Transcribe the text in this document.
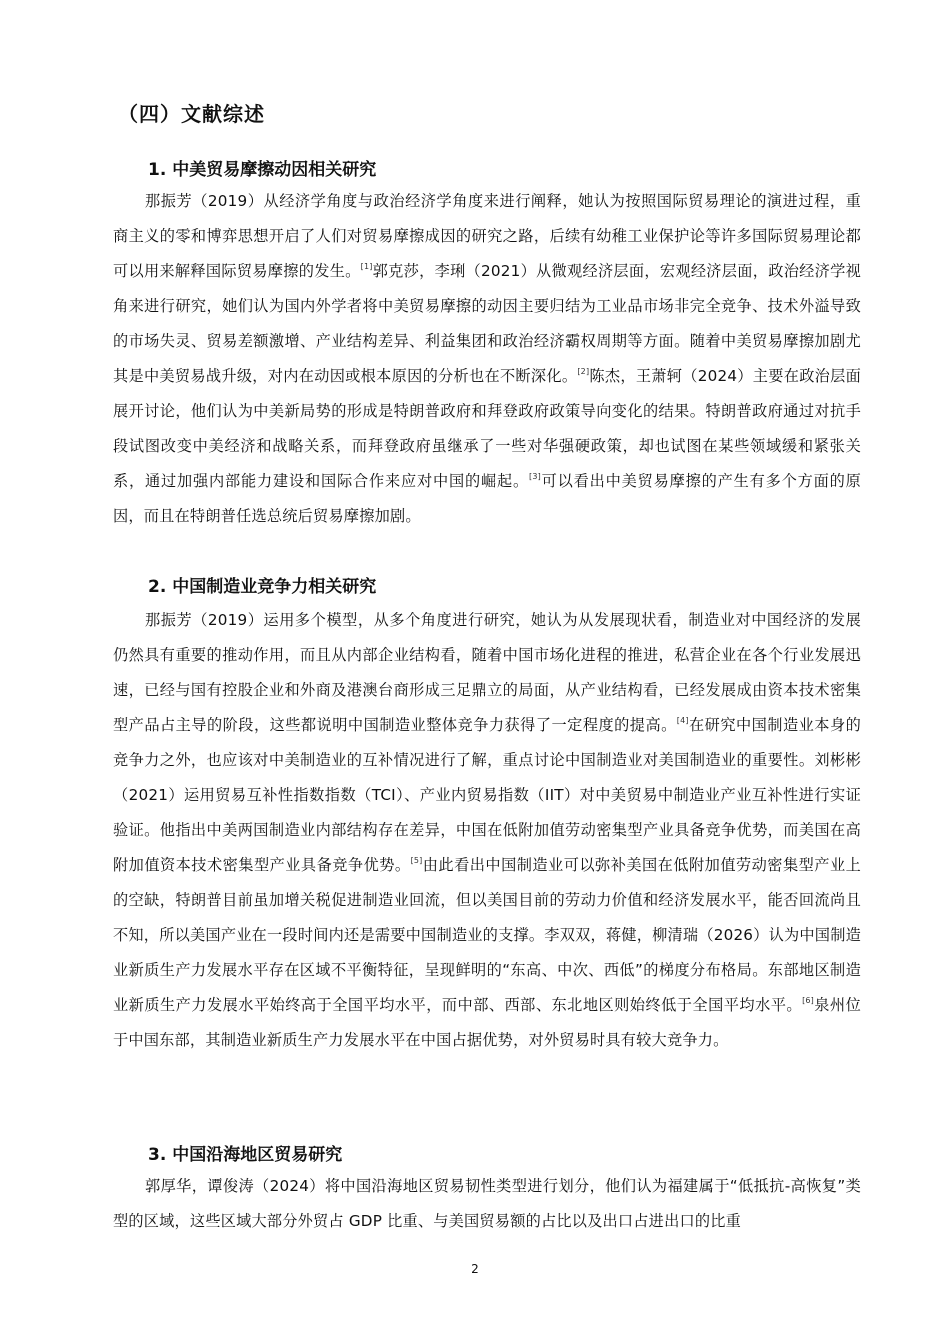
（四）文献综述
1. 中美贸易摩擦动因相关研究
那振芳（2019）从经济学角度与政治经济学角度来进行阐释，她认为按照国际贸易理论的演进过程，重商主义的零和博弈思想开启了人们对贸易摩擦成因的研究之路，后续有幼稚工业保护论等许多国际贸易理论都可以用来解释国际贸易摩擦的发生。[1]郭克莎，李琍（2021）从微观经济层面，宏观经济层面，政治经济学视角来进行研究，她们认为国内外学者将中美贸易摩擦的动因主要归结为工业品市场非完全竞争、技术外溢导致的市场失灵、贸易差额激增、产业结构差异、利益集团和政治经济霸权周期等方面。随着中美贸易摩擦加剧尤其是中美贸易战升级，对内在动因或根本原因的分析也在不断深化。[2]陈杰，王萧轲（2024）主要在政治层面展开讨论，他们认为中美新局势的形成是特朗普政府和拜登政府政策导向变化的结果。特朗普政府通过对抗手段试图改变中美经济和战略关系，而拜登政府虽继承了一些对华强硬政策，却也试图在某些领域缓和紧张关系，通过加强内部能力建设和国际合作来应对中国的崛起。[3]可以看出中美贸易摩擦的产生有多个方面的原因，而且在特朗普任选总统后贸易摩擦加剧。
2. 中国制造业竞争力相关研究
那振芳（2019）运用多个模型，从多个角度进行研究，她认为从发展现状看，制造业对中国经济的发展仍然具有重要的推动作用，而且从内部企业结构看，随着中国市场化进程的推进，私营企业在各个行业发展迅速，已经与国有控股企业和外商及港澳台商形成三足鼎立的局面，从产业结构看，已经发展成由资本技术密集型产品占主导的阶段，这些都说明中国制造业整体竞争力获得了一定程度的提高。[4]在研究中国制造业本身的竞争力之外，也应该对中美制造业的互补情况进行了解，重点讨论中国制造业对美国制造业的重要性。刘彬彬（2021）运用贸易互补性指数指数（TCI）、产业内贸易指数（IIT）对中美贸易中制造业产业互补性进行实证验证。他指出中美两国制造业内部结构存在差异，中国在低附加值劳动密集型产业具备竞争优势，而美国在高附加值资本技术密集型产业具备竞争优势。[5]由此看出中国制造业可以弥补美国在低附加值劳动密集型产业上的空缺，特朗普目前虽加增关税促进制造业回流，但以美国目前的劳动力价值和经济发展水平，能否回流尚且不知，所以美国产业在一段时间内还是需要中国制造业的支撑。李双双，蒋健，柳清瑞（2026）认为中国制造业新质生产力发展水平存在区域不平衡特征，呈现鲜明的“东高、中次、西低”的梯度分布格局。东部地区制造业新质生产力发展水平始终高于全国平均水平，而中部、西部、东北地区则始终低于全国平均水平。[6]泉州位于中国东部，其制造业新质生产力发展水平在中国占据优势，对外贸易时具有较大竞争力。
3. 中国沿海地区贸易研究
郭厚华，谭俊涛（2024）将中国沿海地区贸易韧性类型进行划分，他们认为福建属于“低抵抗-高恢复”类型的区域，这些区域大部分外贸占 GDP 比重、与美国贸易额的占比以及出口占进出口的比重
2
